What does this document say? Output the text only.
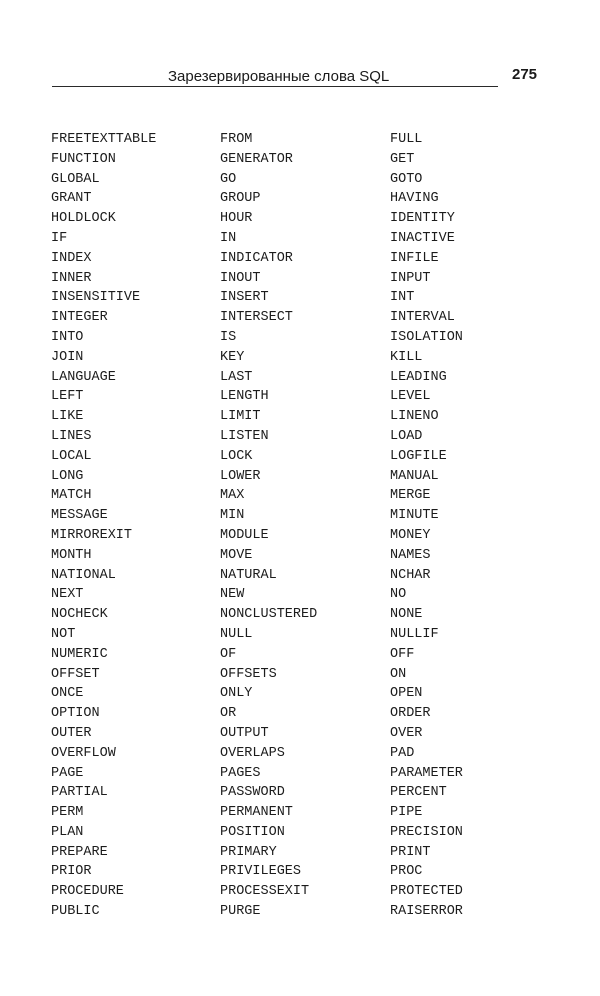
Зарезервированные слова SQL	275
FREETEXTTABLE
FUNCTION
GLOBAL
GRANT
HOLDLOCK
IF
INDEX
INNER
INSENSITIVE
INTEGER
INTO
JOIN
LANGUAGE
LEFT
LIKE
LINES
LOCAL
LONG
MATCH
MESSAGE
MIRROREXIT
MONTH
NATIONAL
NEXT
NOCHECK
NOT
NUMERIC
OFFSET
ONCE
OPTION
OUTER
OVERFLOW
PAGE
PARTIAL
PERM
PLAN
PREPARE
PRIOR
PROCEDURE
PUBLIC
FROM
GENERATOR
GO
GROUP
HOUR
IN
INDICATOR
INOUT
INSERT
INTERSECT
IS
KEY
LAST
LENGTH
LIMIT
LISTEN
LOCK
LOWER
MAX
MIN
MODULE
MOVE
NATURAL
NEW
NONCLUSTERED
NULL
OF
OFFSETS
ONLY
OR
OUTPUT
OVERLAPS
PAGES
PASSWORD
PERMANENT
POSITION
PRIMARY
PRIVILEGES
PROCESSEXIT
PURGE
FULL
GET
GOTO
HAVING
IDENTITY
INACTIVE
INFILE
INPUT
INT
INTERVAL
ISOLATION
KILL
LEADING
LEVEL
LINENO
LOAD
LOGFILE
MANUAL
MERGE
MINUTE
MONEY
NAMES
NCHAR
NO
NONE
NULLIF
OFF
ON
OPEN
ORDER
OVER
PAD
PARAMETER
PERCENT
PIPE
PRECISION
PRINT
PROC
PROTECTED
RAISERROR
